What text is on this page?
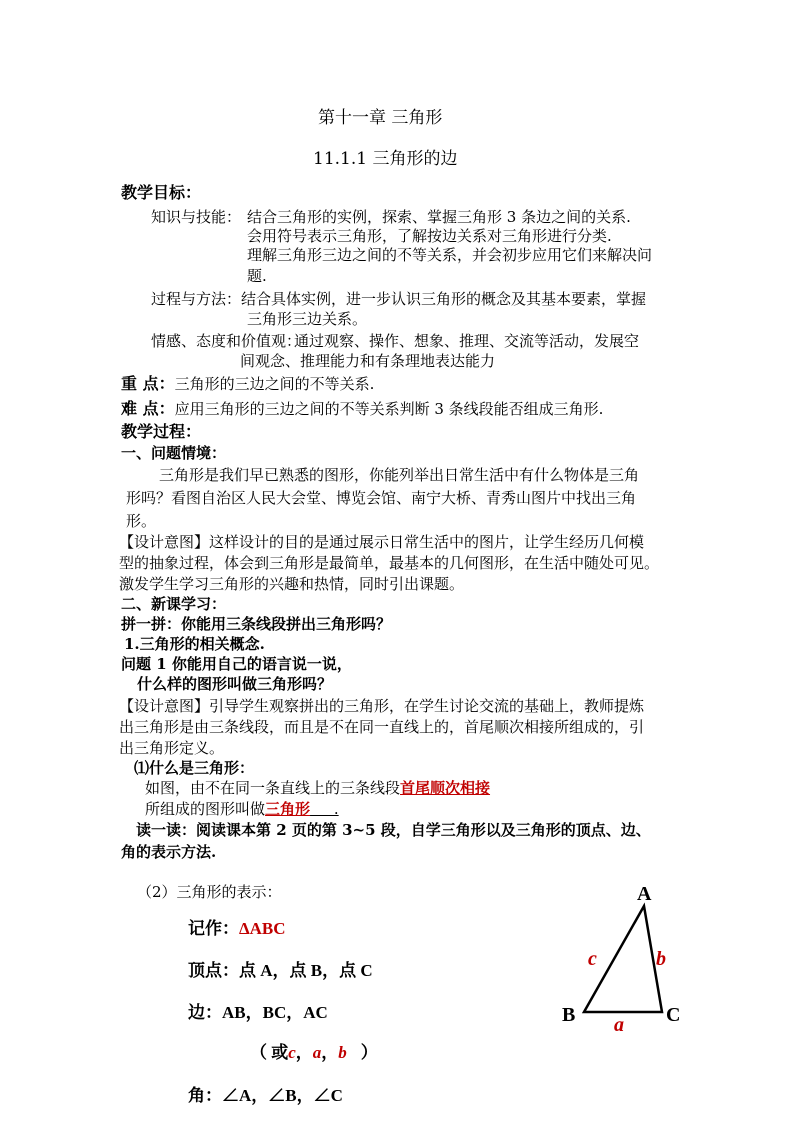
第十一章 三角形
11.1.1 三角形的边
教学目标：
知识与技能： 结合三角形的实例，探索、掌握三角形 3 条边之间的关系.
会用符号表示三角形，了解按边关系对三角形进行分类.
理解三角形三边之间的不等关系，并会初步应用它们来解决问
题.
过程与方法： 结合具体实例，进一步认识三角形的概念及其基本要素，掌握
三角形三边关系。
情感、态度和价值观：
通过观察、操作、想象、推理、交流等活动，发展空
间观念、推理能力和有条理地表达能力
重 点：三角形的三边之间的不等关系.
难 点：应用三角形的三边之间的不等关系判断 3 条线段能否组成三角形.
教学过程：
一、问题情境：
三角形是我们早已熟悉的图形，你能列举出日常生活中有什么物体是三角
形吗？看图自治区人民大会堂、博览会馆、南宁大桥、青秀山图片中找出三角
形。
【设计意图】这样设计的目的是通过展示日常生活中的图片，让学生经历几何模
型的抽象过程，体会到三角形是最简单，最基本的几何图形，在生活中随处可见。
激发学生学习三角形的兴趣和热情，同时引出课题。
二、新课学习：
拼一拼：你能用三条线段拼出三角形吗？
1.三角形的相关概念.
问题 1 你能用自己的语言说一说，
什么样的图形叫做三角形吗？
【设计意图】引导学生观察拼出的三角形，在学生讨论交流的基础上，教师提炼
出三角形是由三条线段，而且是不在同一直线上的，首尾顺次相接所组成的，引
出三角形定义。
⑴什么是三角形：
如图，由不在同一条直线上的三条线段首尾顺次相接
所组成的图形叫做三角形     .
读一读：阅读课本第 2 页的第 3~5 段，自学三角形以及三角形的顶点、边、
角的表示方法.
（2）三角形的表示：
记作：ΔABC
顶点：点 A，点 B，点 C
边：AB，BC，AC
（ 或c，a，b ）
角：∠A，∠B，∠C
A
B	C
c	b
a
